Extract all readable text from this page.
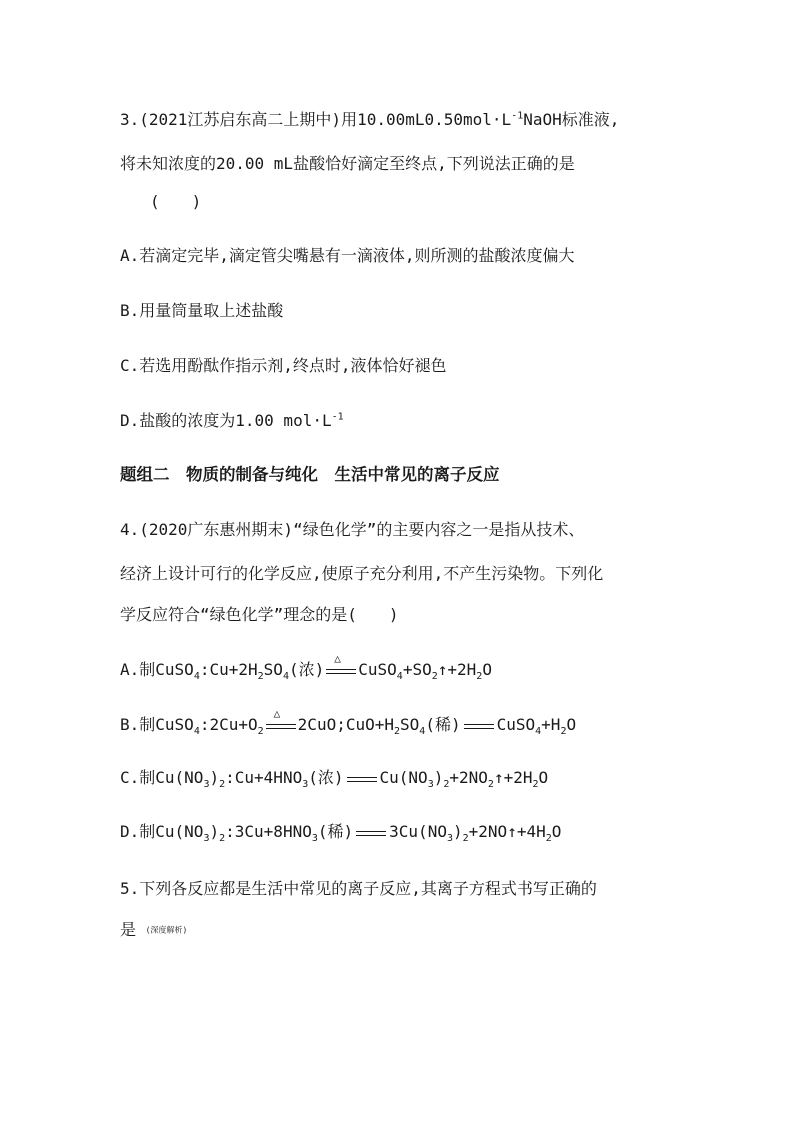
3.(2021江苏启东高二上期中)用$10.00mL0.50mol\cdot L^{-1}NaOH$标准液,
将未知浓度的20.00 mL盐酸恰好滴定至终点,下列说法正确的是
(　　)
A.若滴定完毕,滴定管尖嘴悬有一滴液体,则所测的盐酸浓度偏大
B.用量筒量取上述盐酸
C.若选用酚酞作指示剂,终点时,液体恰好褪色
D.盐酸的浓度为1.00 $mol\cdot L^{-1}$
题组二　物质的制备与纯化　生活中常见的离子反应
4.(2020广东惠州期末)“绿色化学”的主要内容之一是指从技术、
经济上设计可行的化学反应,使原子充分利用,不产生污染物。下列化
学反应符合“绿色化学”理念的是(　　)
A.制$CuSO_4:Cu+2H_2SO_4$(浓)
△
$CuSO_4+SO_2↑+2H_2O$
B.制$CuSO_4:2Cu+O_2$
△
$2CuO;CuO+H_2SO_4$(稀) $CuSO_4+H_2O$
C.制$Cu(NO_3)_2:Cu+4HNO_3$(浓) $Cu(NO_3)_2+2NO_2↑+2H_2O$
D.制$Cu(NO_3)_2:3Cu+8HNO_3$(稀) $3Cu(NO_3)_2+2NO↑+4H_2O$
5.下列各反应都是生活中常见的离子反应,其离子方程式书写正确的
是 (深度解析)
